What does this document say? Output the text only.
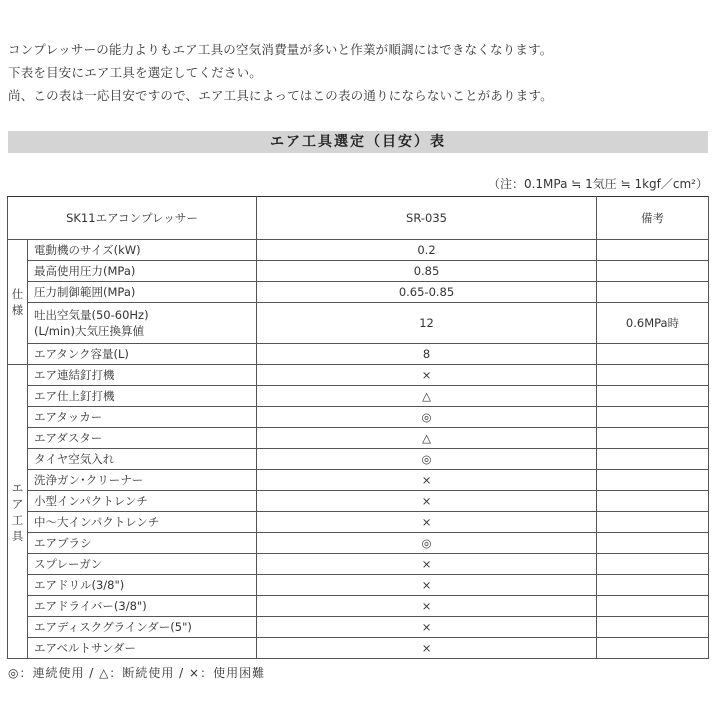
コンプレッサーの能力よりもエア工具の空気消費量が多いと作業が順調にはできなくなります。
下表を目安にエア工具を選定してください。
尚、この表は一応目安ですので、エア工具によってはこの表の通りにならないことがあります。
エア工具選定（目安）表
（注：0.1MPa ≒ 1気圧 ≒ 1kgf／cm²）
SK11エアコンプレッサー		SR-035	備考

仕
様	電動機のサイズ(kW)	0.2	
	最高使用圧力(MPa)	0.85	
	圧力制御範囲(MPa)	0.65-0.85	

	吐出空気量(50-60Hz)
(L/min)大気圧換算値	12	0.6MPa時
	エアタンク容量(L)	8	

エ
ア
工
具	エア連結釘打機	×	
	エア仕上釘打機	△	
	エアタッカー	◎	
	エアダスター	△	
	タイヤ空気入れ	◎	
	洗浄ガン･クリーナー	×	
	小型インパクトレンチ	×	
	中～大インパクトレンチ	×	
	エアブラシ	◎	
	スプレーガン	×	
	エアドリル(3/8")	×	
	エアドライバー(3/8")	×	
	エアディスクグラインダー(5")	×	
	エアベルトサンダー	×	
◎：連続使用 / △：断続使用 / ×：使用困難
